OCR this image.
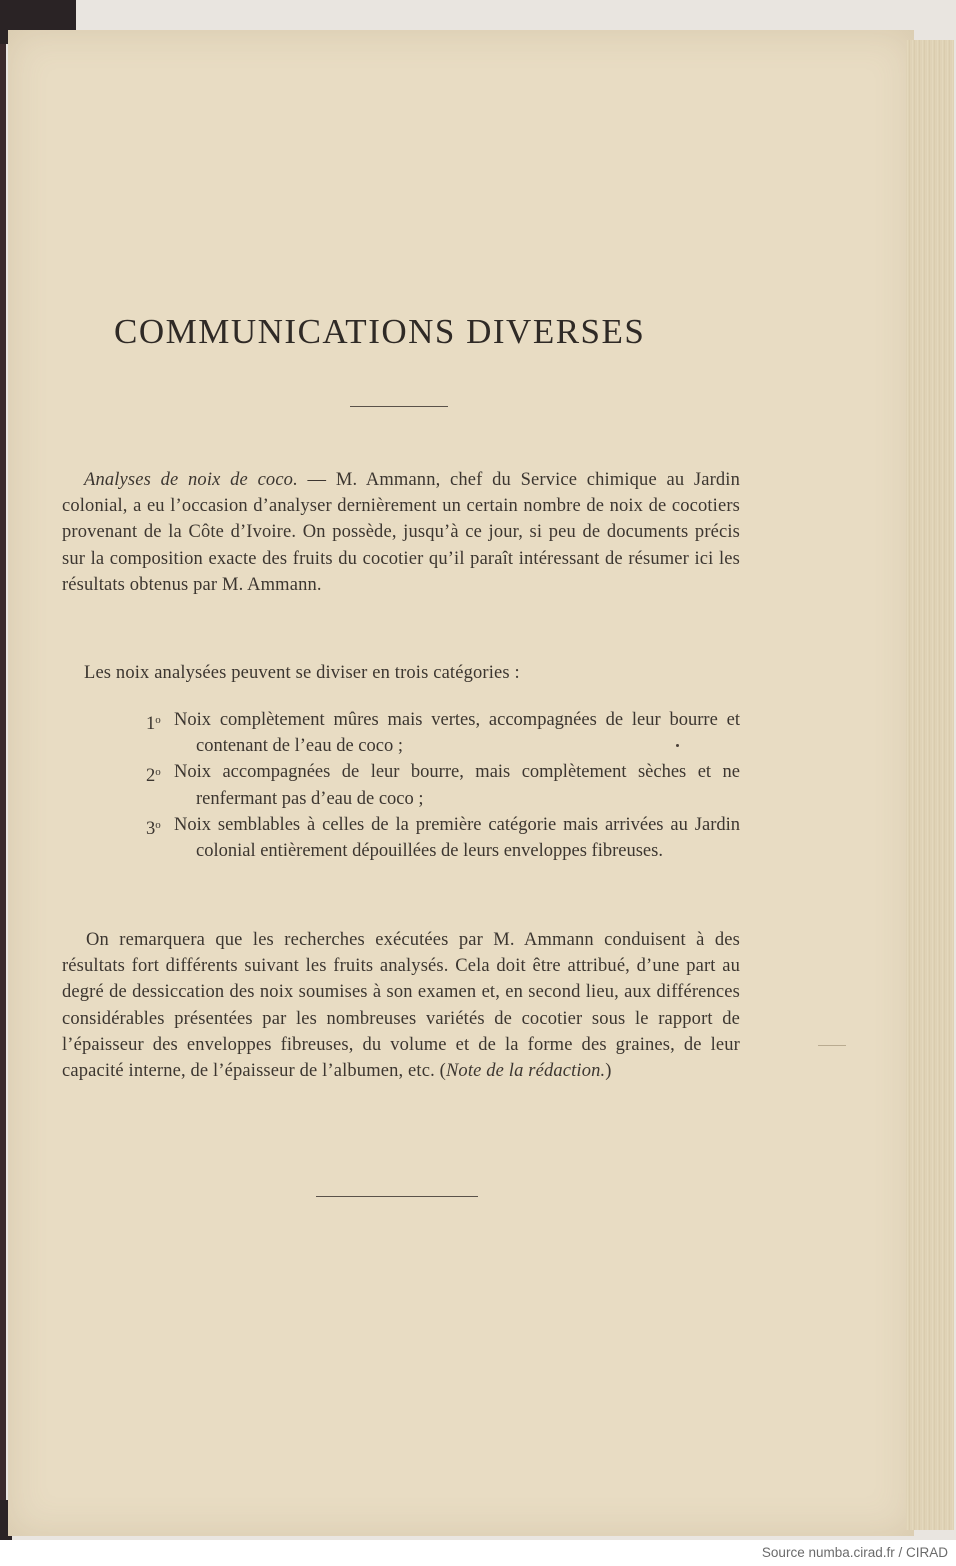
COMMUNICATIONS DIVERSES

Analyses de noix de coco. — M. Ammann, chef du Service chimique au Jardin colonial, a eu l’occasion d’analyser dernièrement un certain nombre de noix de cocotiers provenant de la Côte d’Ivoire. On possède, jusqu’à ce jour, si peu de documents précis sur la composition exacte des fruits du cocotier qu’il paraît intéressant de résumer ici les résultats obtenus par M. Ammann.

Les noix analysées peuvent se diviser en trois catégories :

1$^o$ Noix complètement mûres mais vertes, accompagnées de leur bourre et contenant de l’eau de coco ;
2$^o$ Noix accompagnées de leur bourre, mais complètement sèches et ne renfermant pas d’eau de coco ;
3$^o$ Noix semblables à celles de la première catégorie mais arrivées au Jardin colonial entièrement dépouillées de leurs enveloppes fibreuses.

On remarquera que les recherches exécutées par M. Ammann conduisent à des résultats fort différents suivant les fruits analysés. Cela doit être attribué, d’une part au degré de dessiccation des noix soumises à son examen et, en second lieu, aux différences considérables présentées par les nombreuses variétés de cocotier sous le rapport de l’épaisseur des enveloppes fibreuses, du volume et de la forme des graines, de leur capacité interne, de l’épaisseur de l’albumen, etc. (Note de la rédaction.)

Source numba.cirad.fr / CIRAD
